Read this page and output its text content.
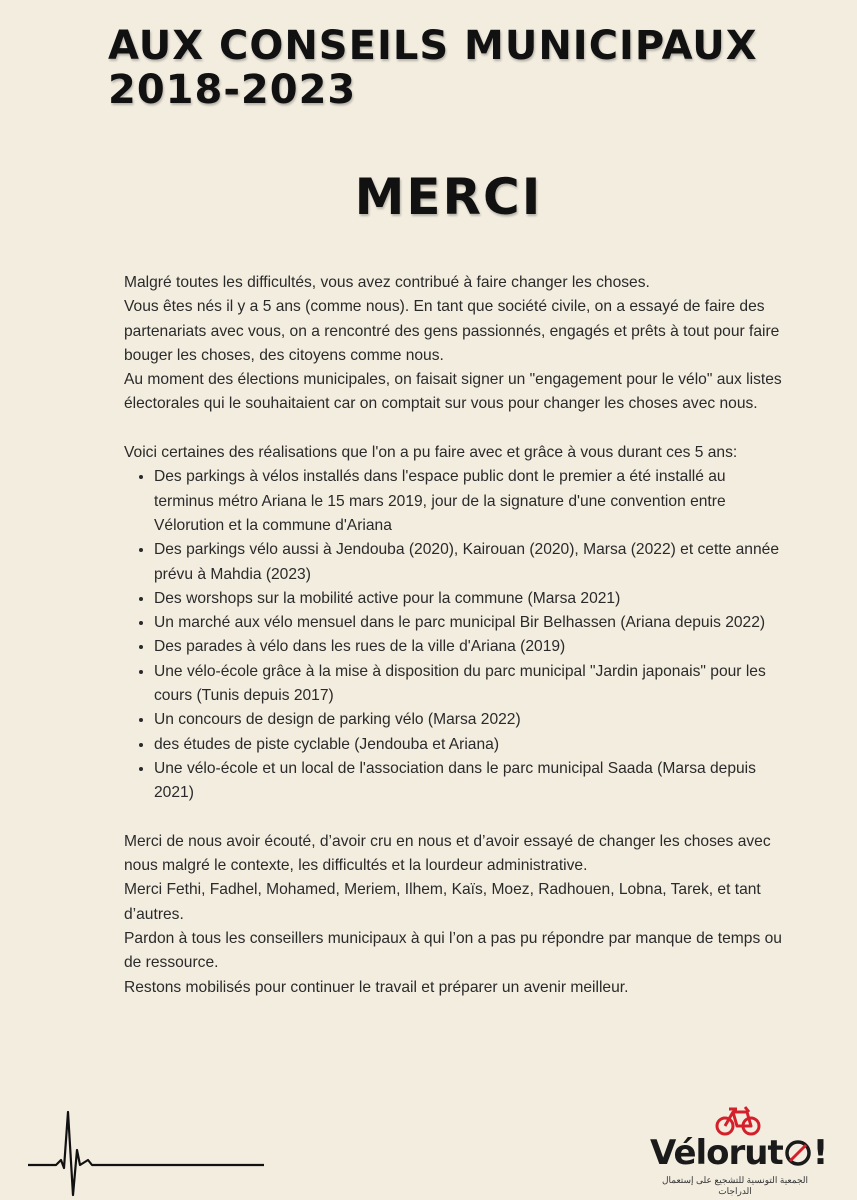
AUX CONSEILS MUNICIPAUX
2018-2023
MERCI

Malgré toutes les difficultés, vous avez contribué à faire changer les choses.

Vous êtes nés il y a 5 ans (comme nous). En tant que société civile, on a essayé de faire des partenariats avec vous, on a rencontré des gens passionnés, engagés et prêts à tout pour faire bouger les choses, des citoyens comme nous.

Au moment des élections municipales, on faisait signer un "engagement pour le vélo" aux listes électorales qui le souhaitaient car on comptait sur vous pour changer les choses avec nous.

Voici certaines des réalisations que l'on a pu faire avec et grâce à vous durant ces 5 ans:

• Des parkings à vélos installés dans l'espace public dont le premier a été installé au terminus métro Ariana le 15 mars 2019, jour de la signature d'une convention entre Vélorution et la commune d'Ariana
• Des parkings vélo aussi à Jendouba (2020), Kairouan (2020), Marsa (2022) et cette année prévu à Mahdia (2023)
• Des worshops sur la mobilité active pour la commune (Marsa 2021)
• Un marché aux vélo mensuel dans le parc municipal Bir Belhassen (Ariana depuis 2022)
• Des parades à vélo dans les rues de la ville d'Ariana (2019)
• Une vélo-école grâce à la mise à disposition du parc municipal "Jardin japonais" pour les cours (Tunis depuis 2017)
• Un concours de design de parking vélo (Marsa 2022)
• des études de piste cyclable (Jendouba et Ariana)
• Une vélo-école et un local de l'association dans le parc municipal Saada (Marsa depuis 2021)

Merci de nous avoir écouté, d’avoir cru en nous et d’avoir essayé de changer les choses avec nous malgré le contexte, les difficultés et la lourdeur administrative.

Merci Fethi, Fadhel, Mohamed, Meriem, Ilhem, Kaïs, Moez, Radhouen, Lobna, Tarek, et tant d’autres.

Pardon à tous les conseillers municipaux à qui l’on a pas pu répondre par manque de temps ou de ressource.

Restons mobilisés pour continuer le travail et préparer un avenir meilleur.

Vélorut !
الجمعية التونسية للتشجيع على إستعمال الدراجات
